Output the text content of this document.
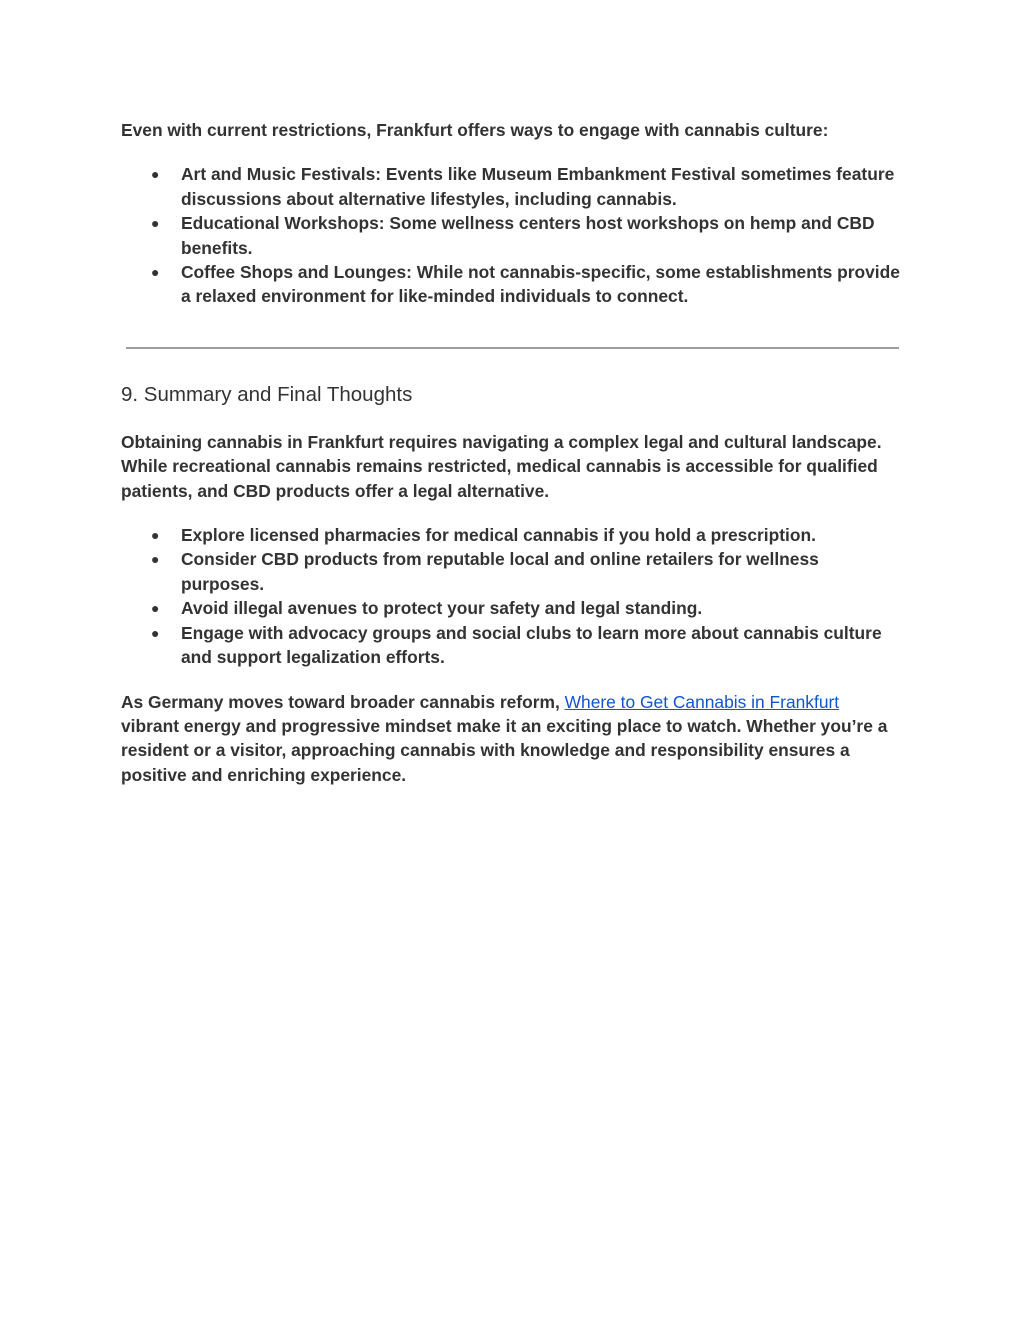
Even with current restrictions, Frankfurt offers ways to engage with cannabis culture:

● Art and Music Festivals: Events like Museum Embankment Festival sometimes feature discussions about alternative lifestyles, including cannabis.
● Educational Workshops: Some wellness centers host workshops on hemp and CBD benefits.
● Coffee Shops and Lounges: While not cannabis-specific, some establishments provide a relaxed environment for like-minded individuals to connect.
9. Summary and Final Thoughts

Obtaining cannabis in Frankfurt requires navigating a complex legal and cultural landscape. While recreational cannabis remains restricted, medical cannabis is accessible for qualified patients, and CBD products offer a legal alternative.

● Explore licensed pharmacies for medical cannabis if you hold a prescription.
● Consider CBD products from reputable local and online retailers for wellness purposes.
● Avoid illegal avenues to protect your safety and legal standing.
● Engage with advocacy groups and social clubs to learn more about cannabis culture and support legalization efforts.

As Germany moves toward broader cannabis reform, Where to Get Cannabis in Frankfurt vibrant energy and progressive mindset make it an exciting place to watch. Whether you’re a resident or a visitor, approaching cannabis with knowledge and responsibility ensures a positive and enriching experience.
